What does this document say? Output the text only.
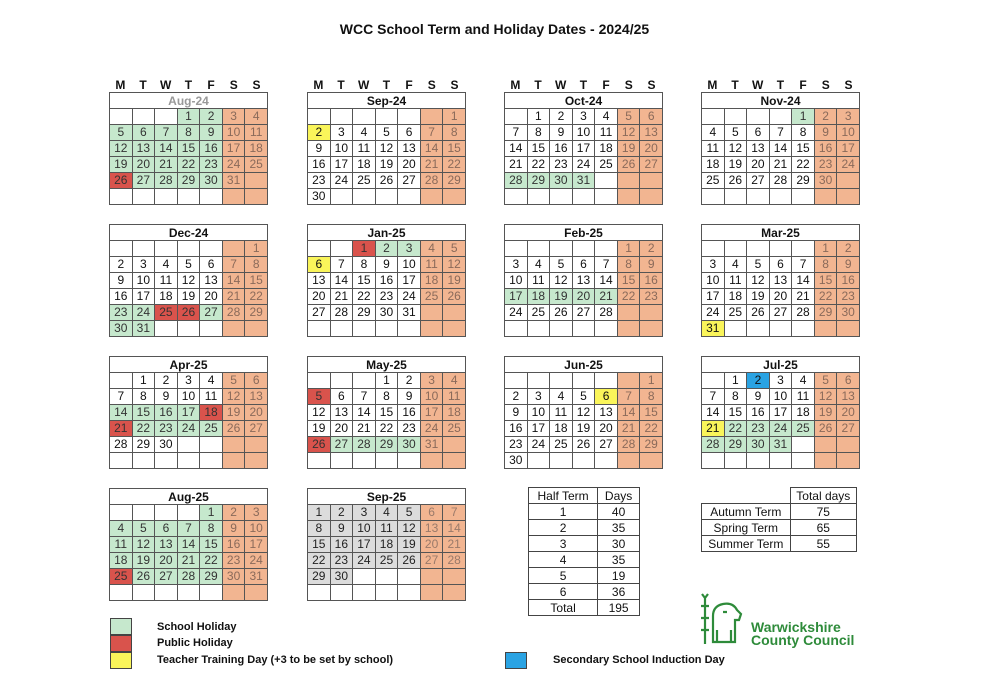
WCC School Term and Holiday Dates - 2024/25
M	T	W	T	F	S	S
Aug-24						
			1	2	3	4
5	6	7	8	9	10	11
12	13	14	15	16	17	18
19	20	21	22	23	24	25
26	27	28	29	30	31	

M	T	W	T	F	S	S
Sep-24						
						1
2	3	4	5	6	7	8
9	10	11	12	13	14	15
16	17	18	19	20	21	22
23	24	25	26	27	28	29
30						
M	T	W	T	F	S	S
Oct-24						
	1	2	3	4	5	6
7	8	9	10	11	12	13
14	15	16	17	18	19	20
21	22	23	24	25	26	27
28	29	30	31			

M	T	W	T	F	S	S
Nov-24						
				1	2	3
4	5	6	7	8	9	10
11	12	13	14	15	16	17
18	19	20	21	22	23	24
25	26	27	28	29	30	

Dec-24						
						1
2	3	4	5	6	7	8
9	10	11	12	13	14	15
16	17	18	19	20	21	22
23	24	25	26	27	28	29
30	31					
Jan-25						
		1	2	3	4	5
6	7	8	9	10	11	12
13	14	15	16	17	18	19
20	21	22	23	24	25	26
27	28	29	30	31		

Feb-25						
					1	2
3	4	5	6	7	8	9
10	11	12	13	14	15	16
17	18	19	20	21	22	23
24	25	26	27	28		

Mar-25						
					1	2
3	4	5	6	7	8	9
10	11	12	13	14	15	16
17	18	19	20	21	22	23
24	25	26	27	28	29	30
31						
Apr-25						
	1	2	3	4	5	6
7	8	9	10	11	12	13
14	15	16	17	18	19	20
21	22	23	24	25	26	27
28	29	30				

May-25						
			1	2	3	4
5	6	7	8	9	10	11
12	13	14	15	16	17	18
19	20	21	22	23	24	25
26	27	28	29	30	31	

Jun-25						
						1
2	3	4	5	6	7	8
9	10	11	12	13	14	15
16	17	18	19	20	21	22
23	24	25	26	27	28	29
30						
Jul-25						
	1	2	3	4	5	6
7	8	9	10	11	12	13
14	15	16	17	18	19	20
21	22	23	24	25	26	27
28	29	30	31			

Aug-25						
				1	2	3
4	5	6	7	8	9	10
11	12	13	14	15	16	17
18	19	20	21	22	23	24
25	26	27	28	29	30	31

Sep-25						
1	2	3	4	5	6	7
8	9	10	11	12	13	14
15	16	17	18	19	20	21
22	23	24	25	26	27	28
29	30					

Half Term	Days
1	40
2	35
3	30
4	35
5	19
6	36
Total	195
	Total days
Autumn Term	75
Spring Term	65
Summer Term	55
School Holiday
Public Holiday
Teacher Training Day (+3 to be set by school)	Secondary School Induction Day
Warwickshire
County Council
